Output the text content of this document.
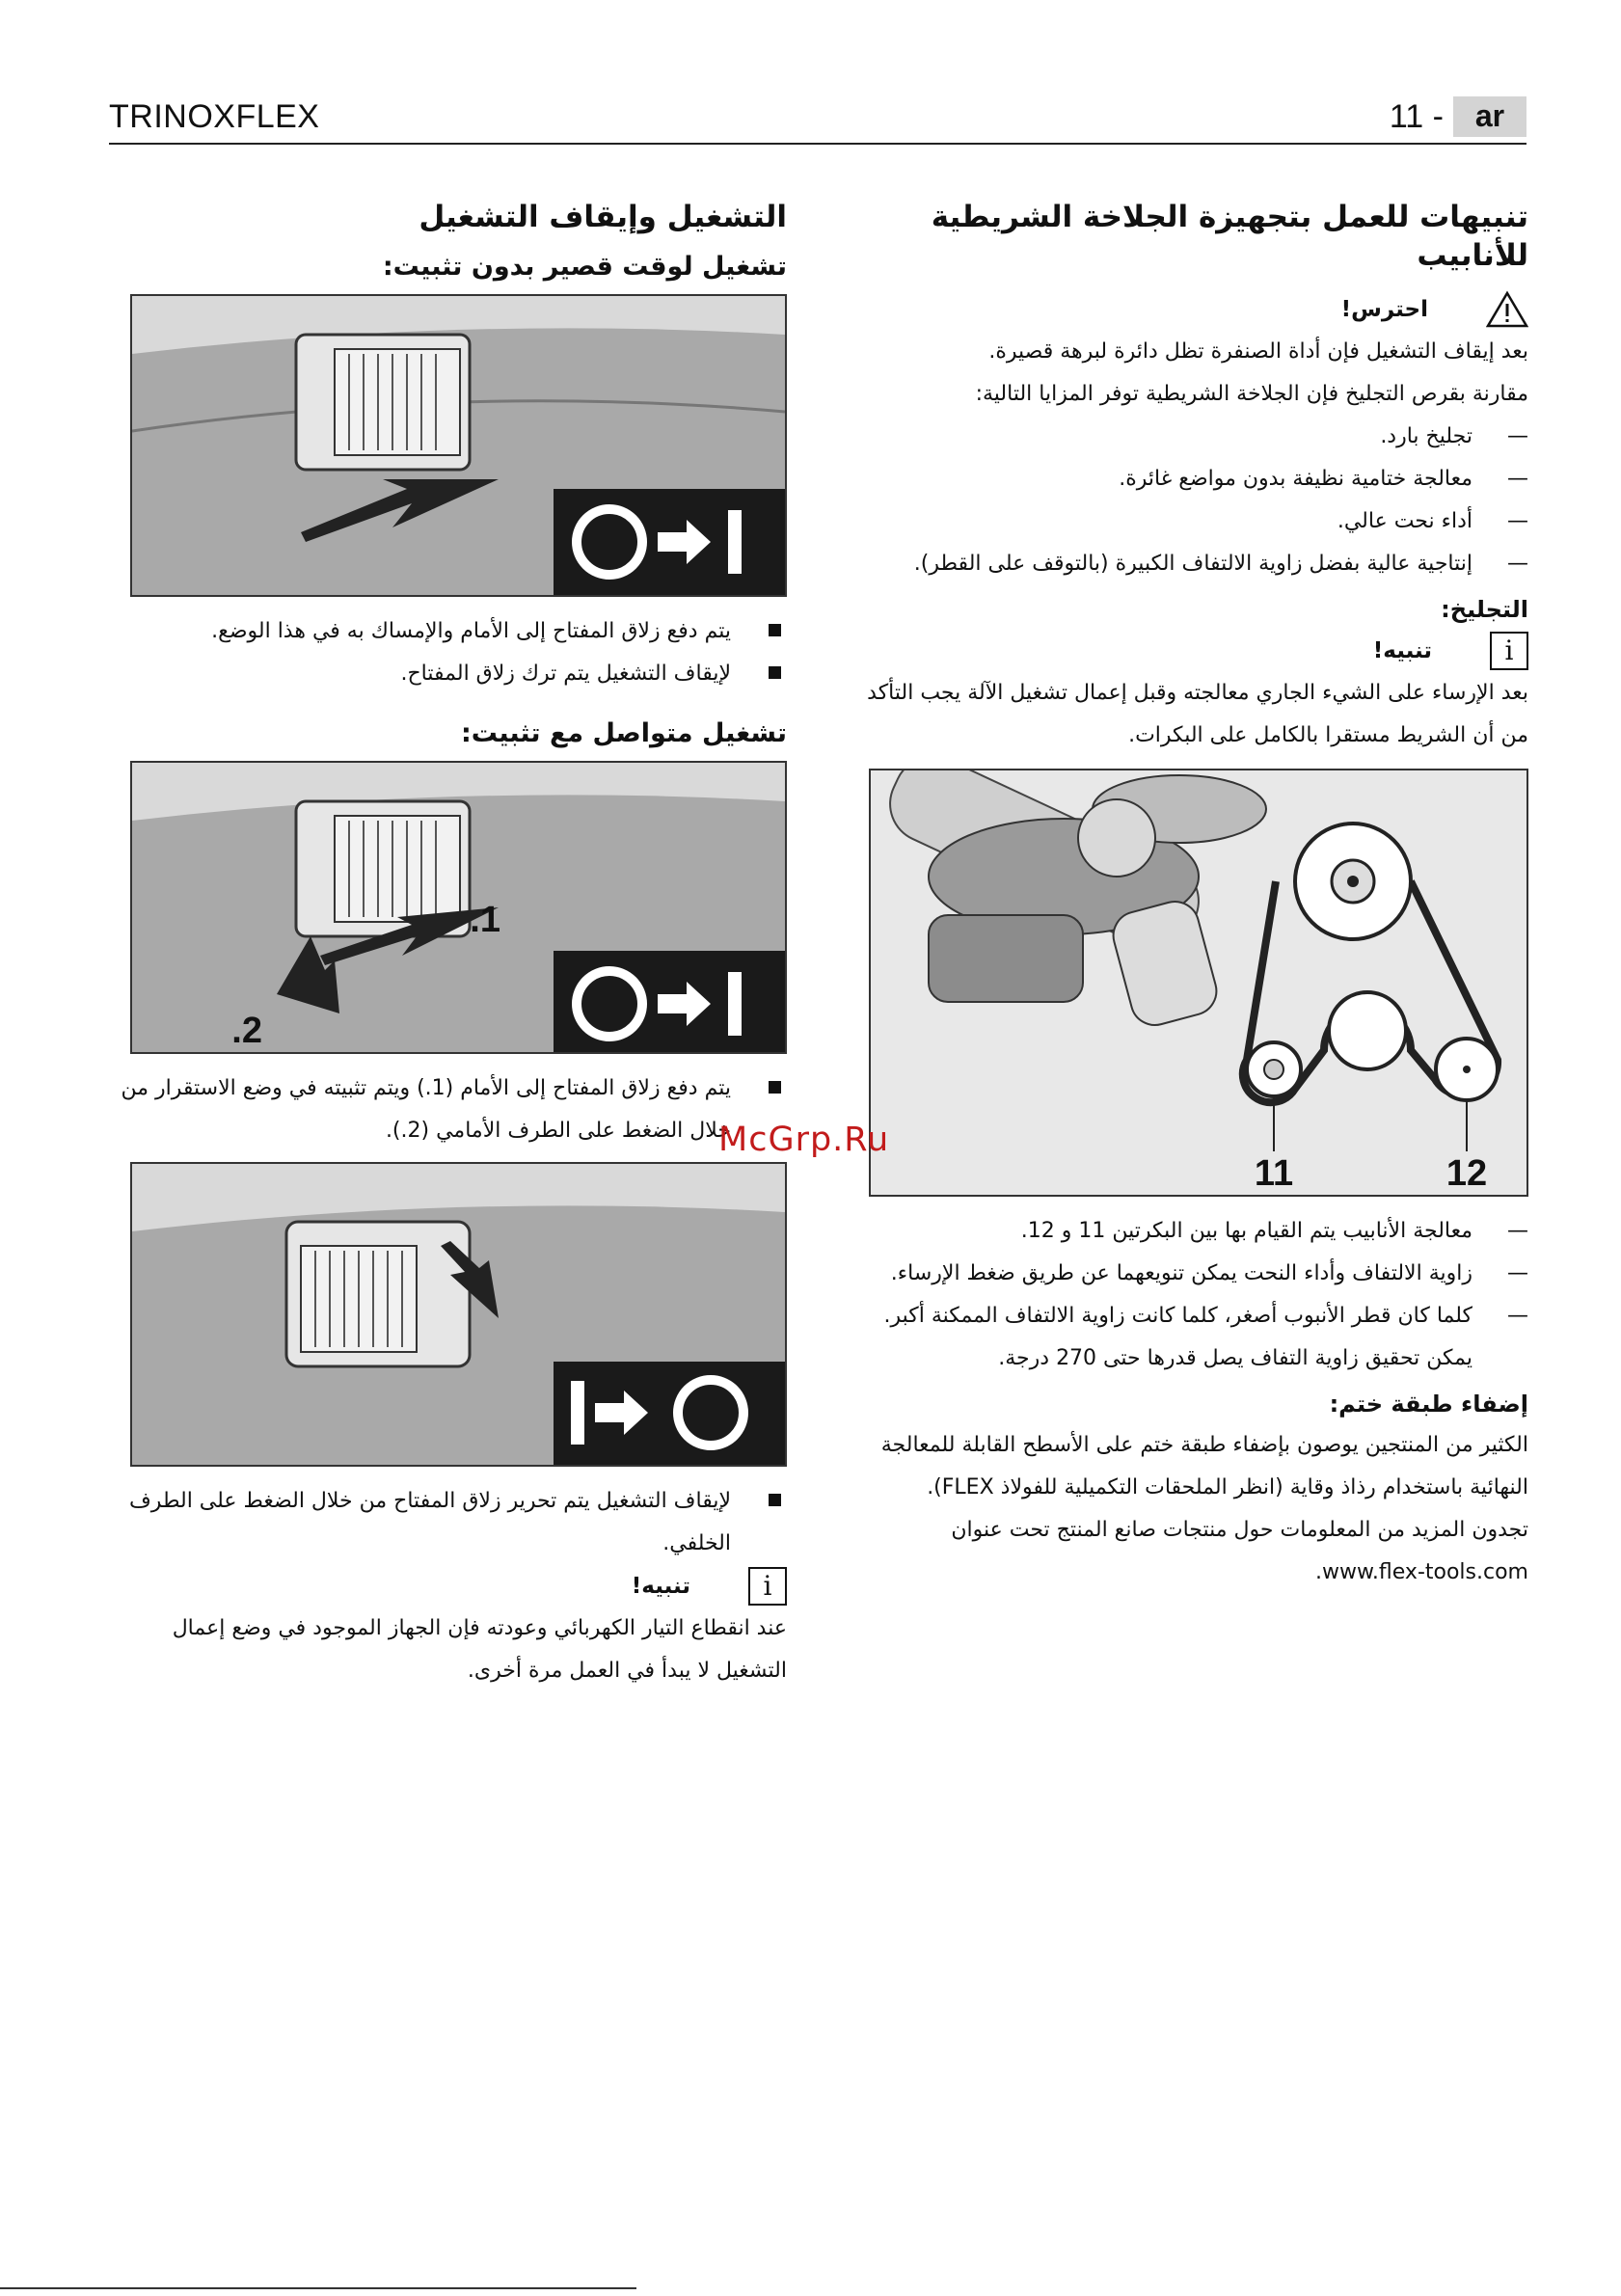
TRINOXFLEX	11 -	ar
تنبيهات للعمل بتجهيزة الجلاخة الشريطية للأنابيب
احترس!

بعد إيقاف التشغيل فإن أداة الصنفرة تظل دائرة لبرهة قصيرة.

مقارنة بقرص التجليخ فإن الجلاخة الشريطية توفر المزايا التالية:

— تجليخ بارد.
— معالجة ختامية نظيفة بدون مواضع غائرة.
— أداء نحت عالي.
— إنتاجية عالية بفضل زاوية الالتفاف الكبيرة (بالتوقف على القطر).
التجليخ:
i
تنبيه!

بعد الإرساء على الشيء الجاري معالجته وقبل إعمال تشغيل الآلة يجب التأكد من أن الشريط مستقرا بالكامل على البكرات.

11	12
— معالجة الأنابيب يتم القيام بها بين البكرتين 11 و 12.
— زاوية الالتفاف وأداء النحت يمكن تنويعهما عن طريق ضغط الإرساء.
— كلما كان قطر الأنبوب أصغر، كلما كانت زاوية الالتفاف الممكنة أكبر. يمكن تحقيق زاوية التفاف يصل قدرها حتى 270 درجة.
إضفاء طبقة ختم:

الكثير من المنتجين يوصون بإضفاء طبقة ختم على الأسطح القابلة للمعالجة النهائية باستخدام رذاذ وقاية (انظر الملحقات التكميلية للفولاذ FLEX).

تجدون المزيد من المعلومات حول منتجات صانع المنتج تحت عنوان www.flex-tools.com.

التشغيل وإيقاف التشغيل
تشغيل لوقت قصير بدون تثبيت:
يتم دفع زلاق المفتاح إلى الأمام والإمساك به في هذا الوضع.
لإيقاف التشغيل يتم ترك زلاق المفتاح.
تشغيل متواصل مع تثبيت:
1.
2.
يتم دفع زلاق المفتاح إلى الأمام (1.) ويتم تثبيته في وضع الاستقرار من خلال الضغط على الطرف الأمامي (2.).
لإيقاف التشغيل يتم تحرير زلاق المفتاح من خلال الضغط على الطرف الخلفي.
i
تنبيه!

عند انقطاع التيار الكهربائي وعودته فإن الجهاز الموجود في وضع إعمال التشغيل لا يبدأ في العمل مرة أخرى.

McGrp.Ru
